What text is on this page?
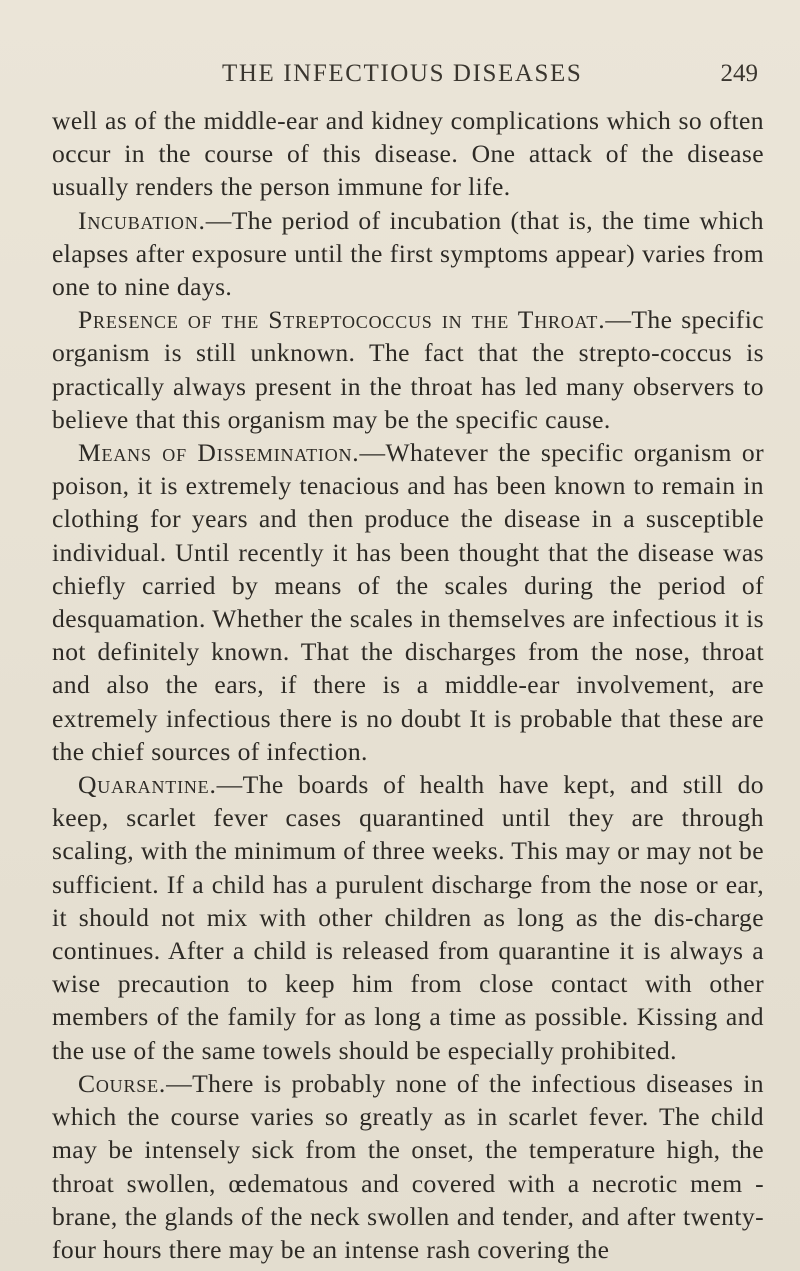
THE INFECTIOUS DISEASES	249

well as of the middle-ear and kidney complications which so often occur in the course of this disease. One attack of the disease usually renders the person immune for life.

Incubation.—The period of incubation (that is, the time which elapses after exposure until the first symptoms appear) varies from one to nine days.

Presence of the Streptococcus in the Throat.—The specific organism is still unknown. The fact that the strepto-coccus is practically always present in the throat has led many observers to believe that this organism may be the specific cause.

Means of Dissemination.—Whatever the specific organism or poison, it is extremely tenacious and has been known to remain in clothing for years and then produce the disease in a susceptible individual. Until recently it has been thought that the disease was chiefly carried by means of the scales during the period of desquamation. Whether the scales in themselves are infectious it is not definitely known. That the discharges from the nose, throat and also the ears, if there is a middle-ear involvement, are extremely infectious there is no doubt It is probable that these are the chief sources of infection.

Quarantine.—The boards of health have kept, and still do keep, scarlet fever cases quarantined until they are through scaling, with the minimum of three weeks. This may or may not be sufficient. If a child has a purulent discharge from the nose or ear, it should not mix with other children as long as the dis-charge continues. After a child is released from quarantine it is always a wise precaution to keep him from close contact with other members of the family for as long a time as possible. Kissing and the use of the same towels should be especially prohibited.

Course.—There is probably none of the infectious diseases in which the course varies so greatly as in scarlet fever. The child may be intensely sick from the onset, the temperature high, the throat swollen, œdematous and covered with a necrotic mem - brane, the glands of the neck swollen and tender, and after twenty-four hours there may be an intense rash covering the
